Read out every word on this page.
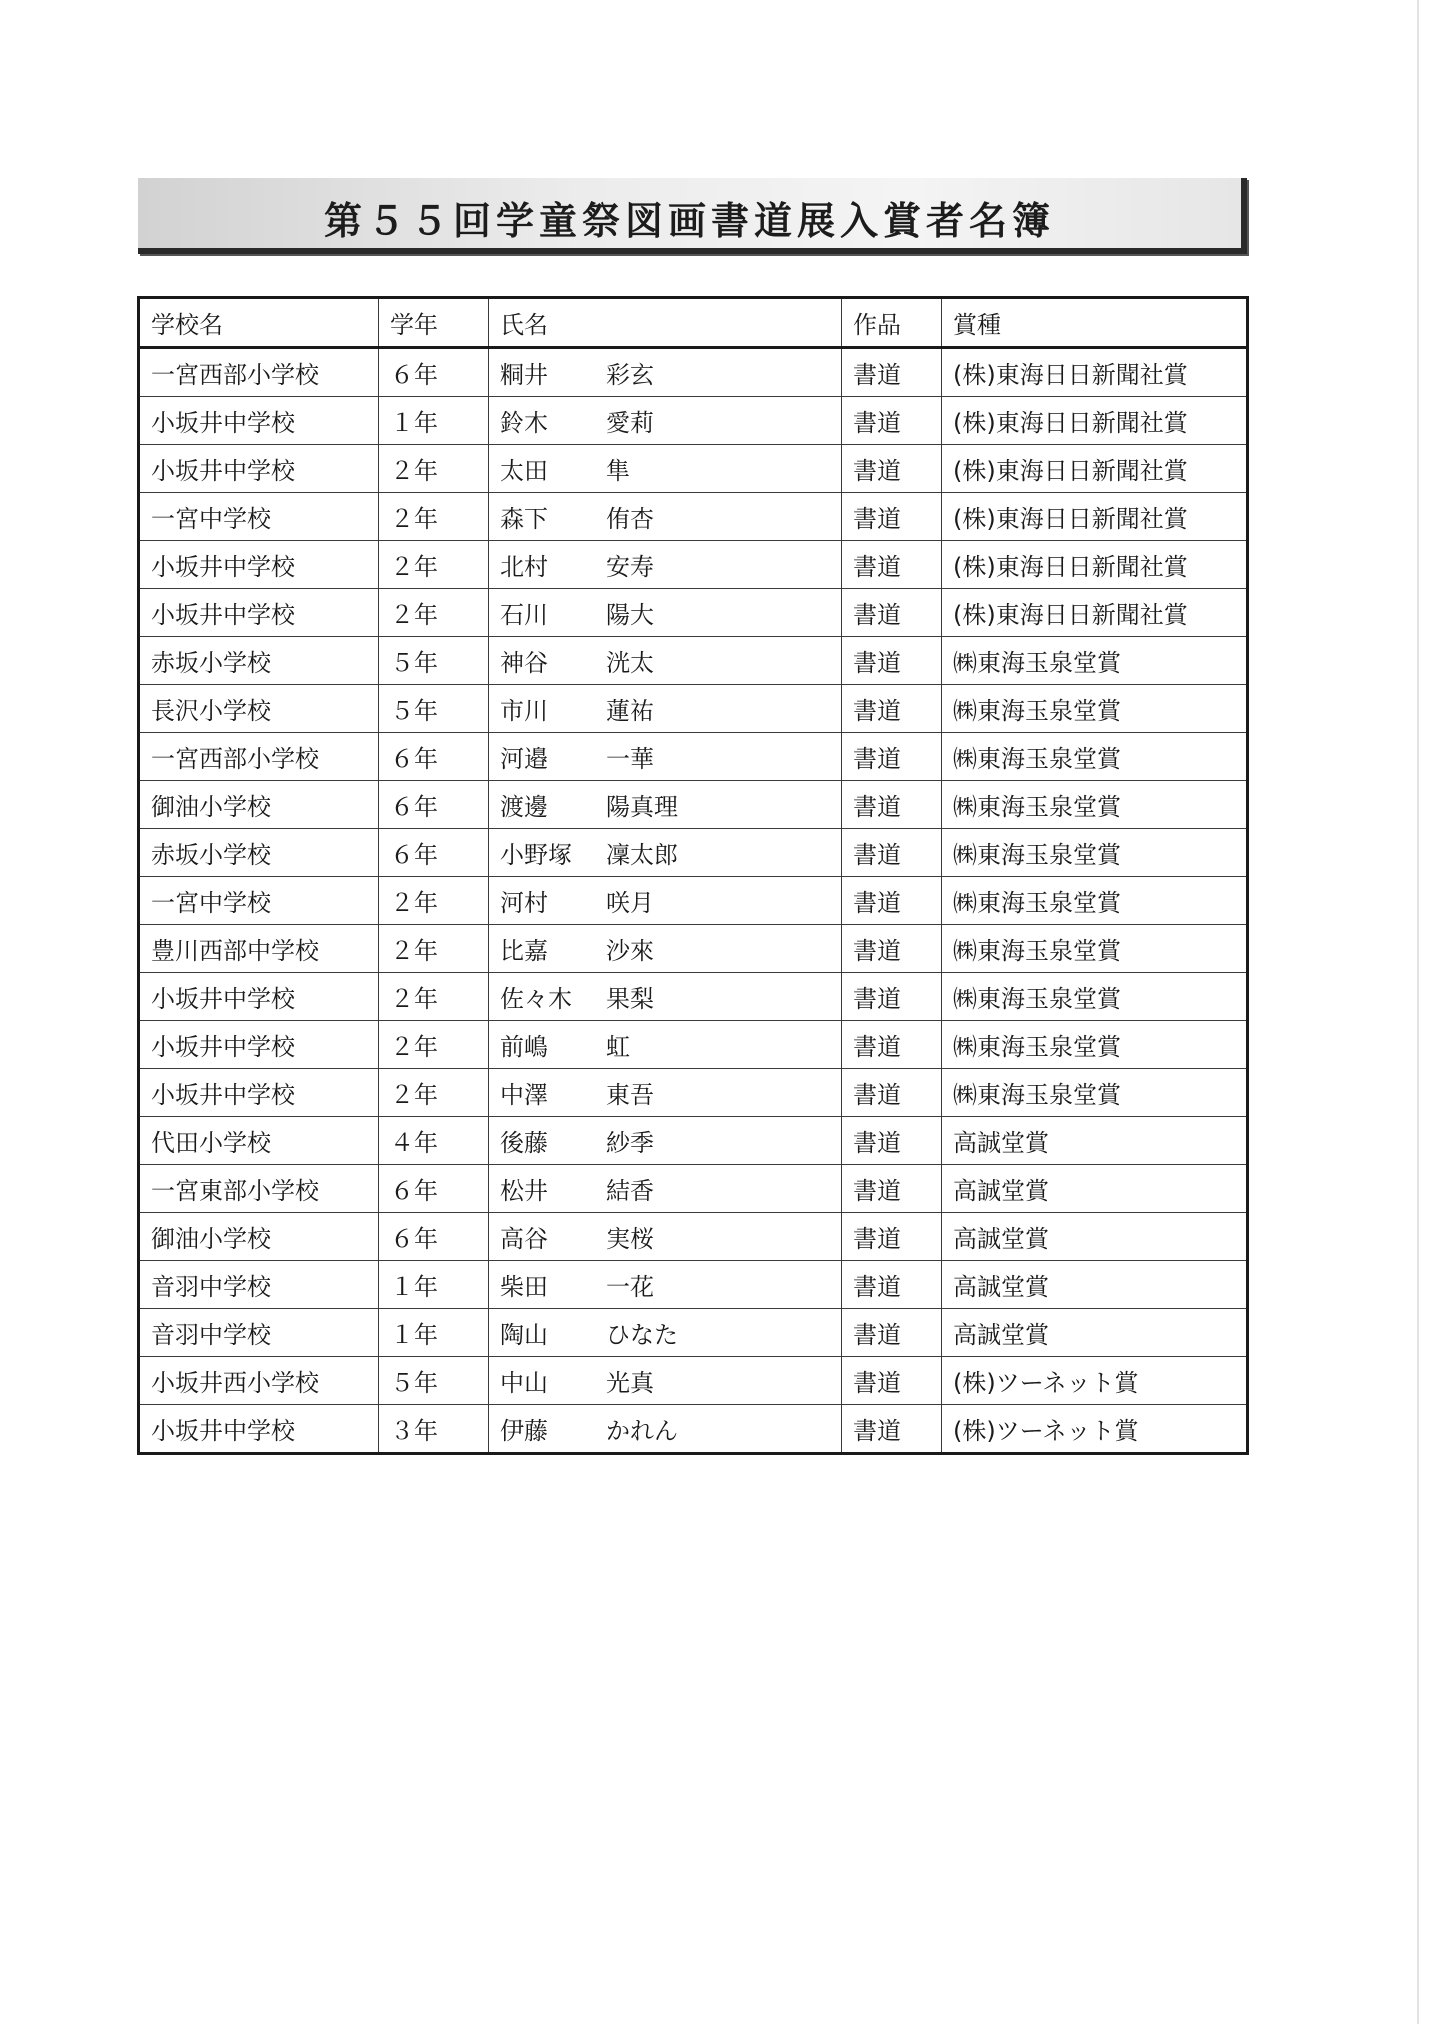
第５５回学童祭図画書道展入賞者名簿
学校名	学年	氏名	作品	賞種
一宮西部小学校	６年	粡井　 彩玄	書道	(株)東海日日新聞社賞
小坂井中学校	１年	鈴木　 愛莉	書道	(株)東海日日新聞社賞
小坂井中学校	２年	太田　 隼	書道	(株)東海日日新聞社賞
一宮中学校	２年	森下　 侑杏	書道	(株)東海日日新聞社賞
小坂井中学校	２年	北村　 安寿	書道	(株)東海日日新聞社賞
小坂井中学校	２年	石川　 陽大	書道	(株)東海日日新聞社賞
赤坂小学校	５年	神谷　 洸太	書道	㈱東海玉泉堂賞
長沢小学校	５年	市川　 蓮祐	書道	㈱東海玉泉堂賞
一宮西部小学校	６年	河邉　 一華	書道	㈱東海玉泉堂賞
御油小学校	６年	渡邊　 陽真理	書道	㈱東海玉泉堂賞
赤坂小学校	６年	小野塚　 凜太郎	書道	㈱東海玉泉堂賞
一宮中学校	２年	河村　 咲月	書道	㈱東海玉泉堂賞
豊川西部中学校	２年	比嘉　 沙來	書道	㈱東海玉泉堂賞
小坂井中学校	２年	佐々木　 果梨	書道	㈱東海玉泉堂賞
小坂井中学校	２年	前嶋　 虹	書道	㈱東海玉泉堂賞
小坂井中学校	２年	中澤　 東吾	書道	㈱東海玉泉堂賞
代田小学校	４年	後藤　 紗季	書道	高誠堂賞
一宮東部小学校	６年	松井　 結香	書道	高誠堂賞
御油小学校	６年	高谷　 実桜	書道	高誠堂賞
音羽中学校	１年	柴田　 一花	書道	高誠堂賞
音羽中学校	１年	陶山　 ひなた	書道	高誠堂賞
小坂井西小学校	５年	中山　 光真	書道	(株)ツーネット賞
小坂井中学校	３年	伊藤　 かれん	書道	(株)ツーネット賞
